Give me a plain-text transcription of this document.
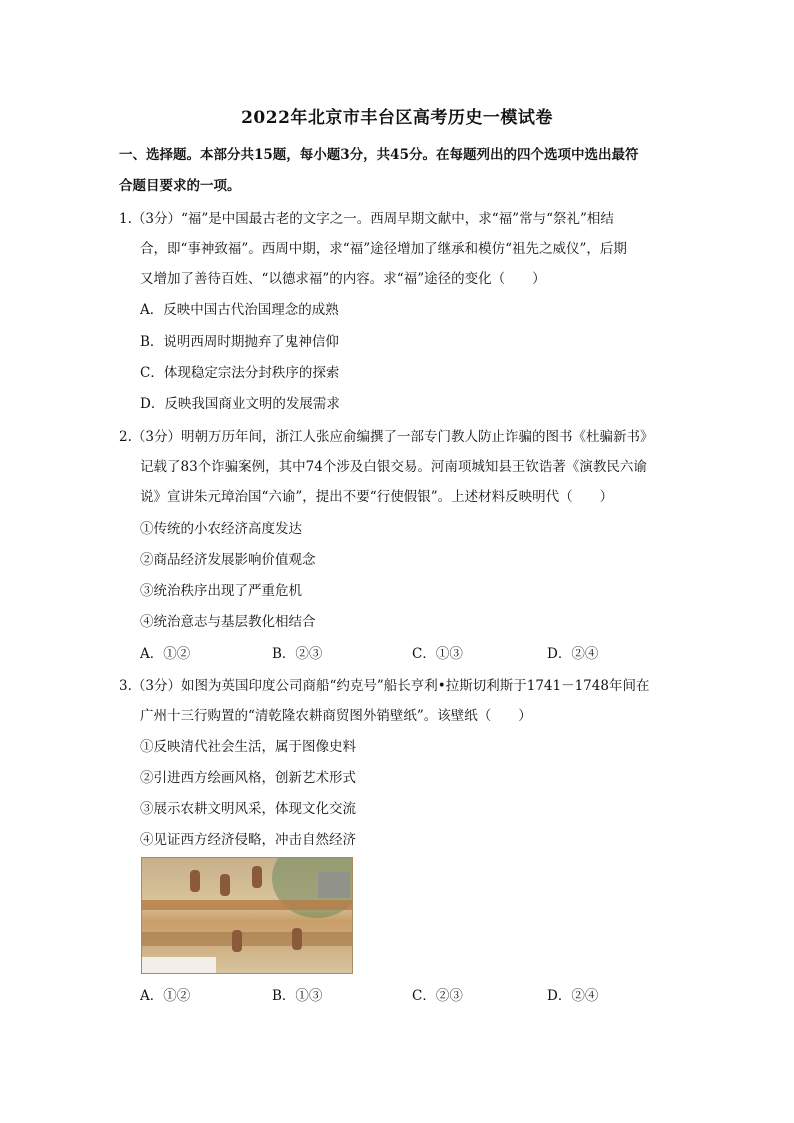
2022年北京市丰台区高考历史一模试卷
一、选择题。本部分共15题，每小题3分，共45分。在每题列出的四个选项中选出最符
合题目要求的一项。
1.（3分）“福”是中国最古老的文字之一。西周早期文献中，求“福”常与“祭礼”相结
合，即“事神致福”。西周中期，求“福”途径增加了继承和模仿“祖先之威仪”，后期
又增加了善待百姓、“以德求福”的内容。求“福”途径的变化（　　）
A．反映中国古代治国理念的成熟
B．说明西周时期抛弃了鬼神信仰
C．体现稳定宗法分封秩序的探索
D．反映我国商业文明的发展需求
2.（3分）明朝万历年间，浙江人张应俞编撰了一部专门教人防止诈骗的图书《杜骗新书》
记载了83个诈骗案例，其中74个涉及白银交易。河南项城知县王钦诰著《演教民六谕
说》宣讲朱元璋治国“六谕”，提出不要“行使假银”。上述材料反映明代（　　）
①传统的小农经济高度发达
②商品经济发展影响价值观念
③统治秩序出现了严重危机
④统治意志与基层教化相结合
A．①②	B．②③	C．①③	D．②④
3.（3分）如图为英国印度公司商船“约克号”船长亨利•拉斯切利斯于1741－1748年间在
广州十三行购置的“清乾隆农耕商贸图外销壁纸”。该壁纸（　　）
①反映清代社会生活，属于图像史料
②引进西方绘画风格，创新艺术形式
③展示农耕文明风采，体现文化交流
④见证西方经济侵略，冲击自然经济
A．①②	B．①③	C．②③	D．②④
